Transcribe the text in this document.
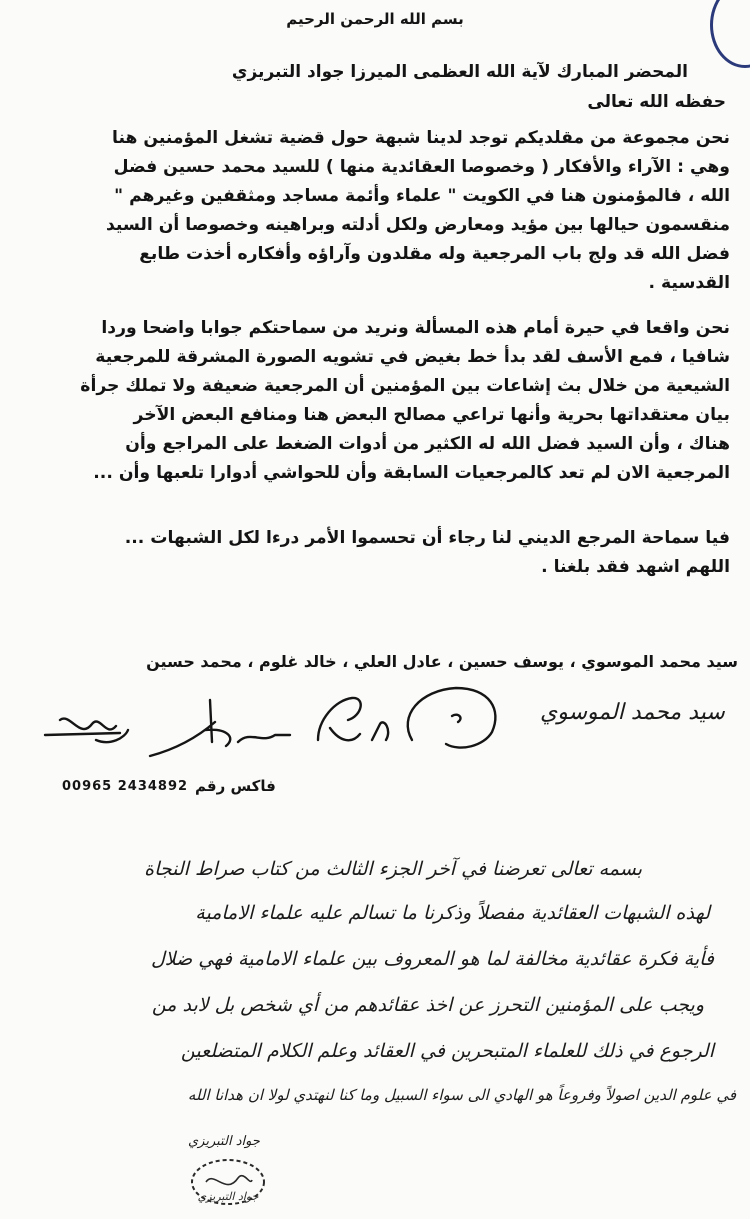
بسم الله الرحمن الرحيم
المحضر المبارك لآية الله العظمى الميرزا جواد التبريزي
حفظه الله تعالى
نحن مجموعة من مقلديكم توجد لدينا شبهة حول قضية تشغل المؤمنين هنا
وهي : الآراء والأفكار ( وخصوصا العقائدية منها ) للسيد محمد حسين فضل
الله ، فالمؤمنون هنا في الكويت " علماء وأئمة مساجد ومثقفين وغيرهم "
منقسمون حيالها بين مؤيد ومعارض ولكل أدلته وبراهينه وخصوصا أن السيد
فضل الله قد ولج باب المرجعية وله مقلدون وآراؤه وأفكاره أخذت طابع
القدسية .
نحن واقعا في حيرة أمام هذه المسألة ونريد من سماحتكم جوابا واضحا وردا
شافيا ، فمع الأسف لقد بدأ خط بغيض في تشويه الصورة المشرقة للمرجعية
الشيعية من خلال بث إشاعات بين المؤمنين أن المرجعية ضعيفة ولا تملك جرأة
بيان معتقداتها بحرية وأنها تراعي مصالح البعض هنا ومنافع البعض الآخر
هناك ، وأن السيد فضل الله له الكثير من أدوات الضغط على المراجع وأن
المرجعية الان لم تعد كالمرجعيات السابقة وأن للحواشي أدوارا تلعبها وأن ...
فيا سماحة المرجع الديني لنا رجاء أن تحسموا الأمر درءا لكل الشبهات ...
اللهم اشهد فقد بلغنا .
سيد محمد الموسوي ، يوسف حسين ، عادل العلي ، خالد غلوم ، محمد حسين
سيد محمد الموسوي
فاكس رقم
00965 2434892
بسمه تعالى تعرضنا في آخر الجزء الثالث من كتاب صراط النجاة
لهذه الشبهات العقائدية مفصلاً وذكرنا ما تسالم عليه علماء الامامية
فأية فكرة عقائدية مخالفة لما هو المعروف بين علماء الامامية فهي ضلال
ويجب على المؤمنين التحرز عن اخذ عقائدهم من أي شخص بل لابد من
الرجوع في ذلك للعلماء المتبحرين في العقائد وعلم الكلام المتضلعين
في علوم الدين اصولاً وفروعاً هو الهادي الى سواء السبيل وما كنا لنهتدي لولا ان هدانا الله
جواد التبريزي
جواد التبريزي
